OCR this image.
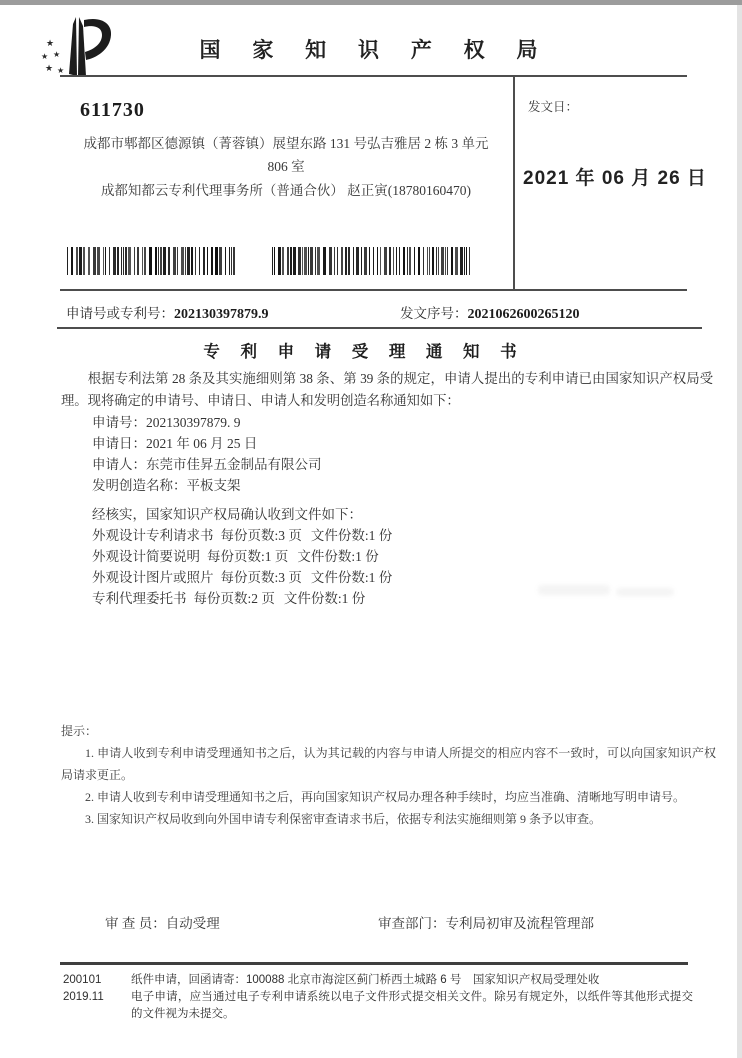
★
★ ★
★ ★
国 家 知 识 产 权 局
611730
成都市郫都区德源镇（菁蓉镇）展望东路 131 号弘吉雅居 2 栋 3 单元
806 室
成都知都云专利代理事务所（普通合伙） 赵正寅(18780160470)
发文日：
2021 年 06 月 26 日
申请号或专利号：202130397879.9	发文序号：2021062600265120
专 利 申 请 受 理 通 知 书
根据专利法第 28 条及其实施细则第 38 条、第 39 条的规定，申请人提出的专利申请已由国家知识产权局受理。现将确定的申请号、申请日、申请人和发明创造名称通知如下：
申请号：202130397879. 9
申请日：2021 年 06 月 25 日
申请人：东莞市佳昇五金制品有限公司
发明创造名称：平板支架
经核实，国家知识产权局确认收到文件如下：
外观设计专利请求书 每份页数:3 页 文件份数:1 份
外观设计简要说明 每份页数:1 页 文件份数:1 份
外观设计图片或照片 每份页数:3 页 文件份数:1 份
专利代理委托书 每份页数:2 页 文件份数:1 份

提示：

1. 申请人收到专利申请受理通知书之后，认为其记载的内容与申请人所提交的相应内容不一致时，可以向国家知识产权局请求更正。

2. 申请人收到专利申请受理通知书之后，再向国家知识产权局办理各种手续时，均应当准确、清晰地写明申请号。

3. 国家知识产权局收到向外国申请专利保密审查请求书后，依据专利法实施细则第 9 条予以审查。

审 查 员：自动受理	审查部门：专利局初审及流程管理部
200101
2019.11

纸件申请，回函请寄：100088 北京市海淀区蓟门桥西土城路 6 号　国家知识产权局受理处收

电子申请，应当通过电子专利申请系统以电子文件形式提交相关文件。除另有规定外，以纸件等其他形式提交的文件视为未提交。
